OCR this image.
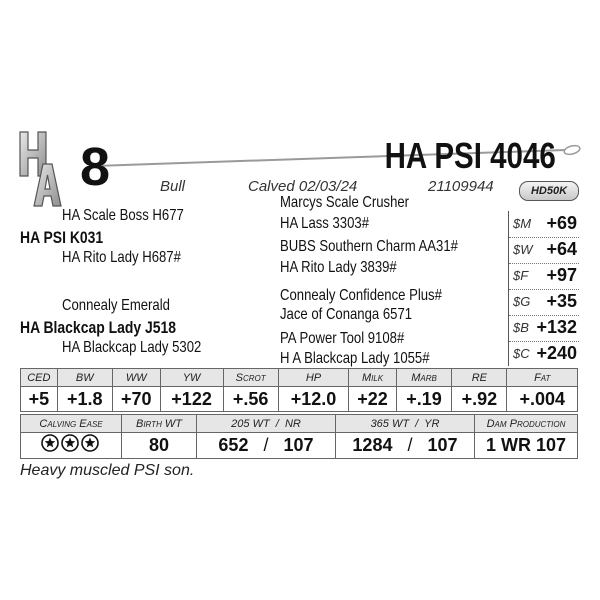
8	HA PSI 4046
Bull	Calved 02/03/24	21109944	HD50K
HA Scale Boss H677
HA PSI K031
HA Rito Lady H687#
Connealy Emerald
HA Blackcap Lady J518
HA Blackcap Lady 5302
Marcys Scale Crusher
HA Lass 3303#
BUBS Southern Charm AA31#
HA Rito Lady 3839#
Connealy Confidence Plus#
Jace of Conanga 6571
PA Power Tool 9108#
H A Blackcap Lady 1055#
$M +69
$W +64
$F +97
$G +35
$B +132
$C +240
CED	BW	WW	YW	Scrot	HP	Milk	Marb	RE	Fat
+5	+1.8	+70	+122	+.56	+12.0	+22	+.19	+.92	+.004
Calving Ease	Birth WT	205 WT  /  NR	365 WT  /  YR	Dam Production
	80	652 / 107	1284 / 107	1 WR 107
Heavy muscled PSI son.
